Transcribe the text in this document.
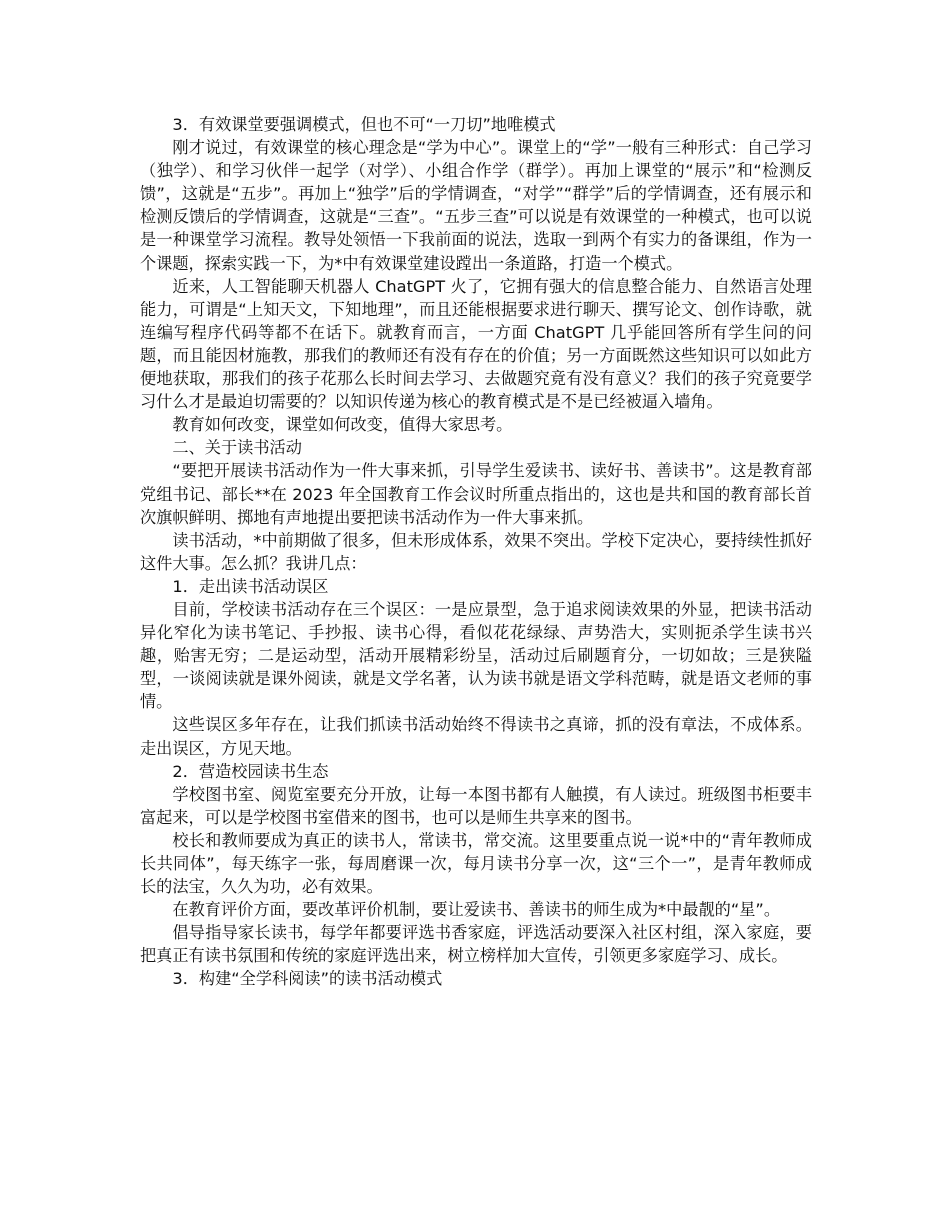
3．有效课堂要强调模式，但也不可“一刀切”地唯模式

刚才说过，有效课堂的核心理念是“学为中心”。课堂上的“学”一般有三种形式：自己学习（独学）、和学习伙伴一起学（对学）、小组合作学（群学）。再加上课堂的“展示”和“检测反馈”，这就是“五步”。再加上“独学”后的学情调查，“对学”“群学”后的学情调查，还有展示和检测反馈后的学情调查，这就是“三查”。“五步三查”可以说是有效课堂的一种模式，也可以说是一种课堂学习流程。教导处领悟一下我前面的说法，选取一到两个有实力的备课组，作为一个课题，探索实践一下，为*中有效课堂建设蹚出一条道路，打造一个模式。

近来，人工智能聊天机器人 ChatGPT 火了，它拥有强大的信息整合能力、自然语言处理能力，可谓是“上知天文，下知地理”，而且还能根据要求进行聊天、撰写论文、创作诗歌，就连编写程序代码等都不在话下。就教育而言，一方面 ChatGPT 几乎能回答所有学生问的问题，而且能因材施教，那我们的教师还有没有存在的价值；另一方面既然这些知识可以如此方便地获取，那我们的孩子花那么长时间去学习、去做题究竟有没有意义？我们的孩子究竟要学习什么才是最迫切需要的？以知识传递为核心的教育模式是不是已经被逼入墙角。

教育如何改变，课堂如何改变，值得大家思考。

二、关于读书活动

“要把开展读书活动作为一件大事来抓，引导学生爱读书、读好书、善读书”。这是教育部党组书记、部长**在 2023 年全国教育工作会议时所重点指出的，这也是共和国的教育部长首次旗帜鲜明、掷地有声地提出要把读书活动作为一件大事来抓。

读书活动，*中前期做了很多，但未形成体系，效果不突出。学校下定决心，要持续性抓好这件大事。怎么抓？我讲几点：

1．走出读书活动误区

目前，学校读书活动存在三个误区：一是应景型，急于追求阅读效果的外显，把读书活动异化窄化为读书笔记、手抄报、读书心得，看似花花绿绿、声势浩大，实则扼杀学生读书兴趣，贻害无穷；二是运动型，活动开展精彩纷呈，活动过后刷题育分，一切如故；三是狭隘型，一谈阅读就是课外阅读，就是文学名著，认为读书就是语文学科范畴，就是语文老师的事情。

这些误区多年存在，让我们抓读书活动始终不得读书之真谛，抓的没有章法，不成体系。走出误区，方见天地。

2．营造校园读书生态

学校图书室、阅览室要充分开放，让每一本图书都有人触摸，有人读过。班级图书柜要丰富起来，可以是学校图书室借来的图书，也可以是师生共享来的图书。

校长和教师要成为真正的读书人，常读书，常交流。这里要重点说一说*中的“青年教师成长共同体”，每天练字一张，每周磨课一次，每月读书分享一次，这“三个一”，是青年教师成长的法宝，久久为功，必有效果。

在教育评价方面，要改革评价机制，要让爱读书、善读书的师生成为*中最靓的“星”。

倡导指导家长读书，每学年都要评选书香家庭，评选活动要深入社区村组，深入家庭，要把真正有读书氛围和传统的家庭评选出来，树立榜样加大宣传，引领更多家庭学习、成长。

3．构建“全学科阅读”的读书活动模式
